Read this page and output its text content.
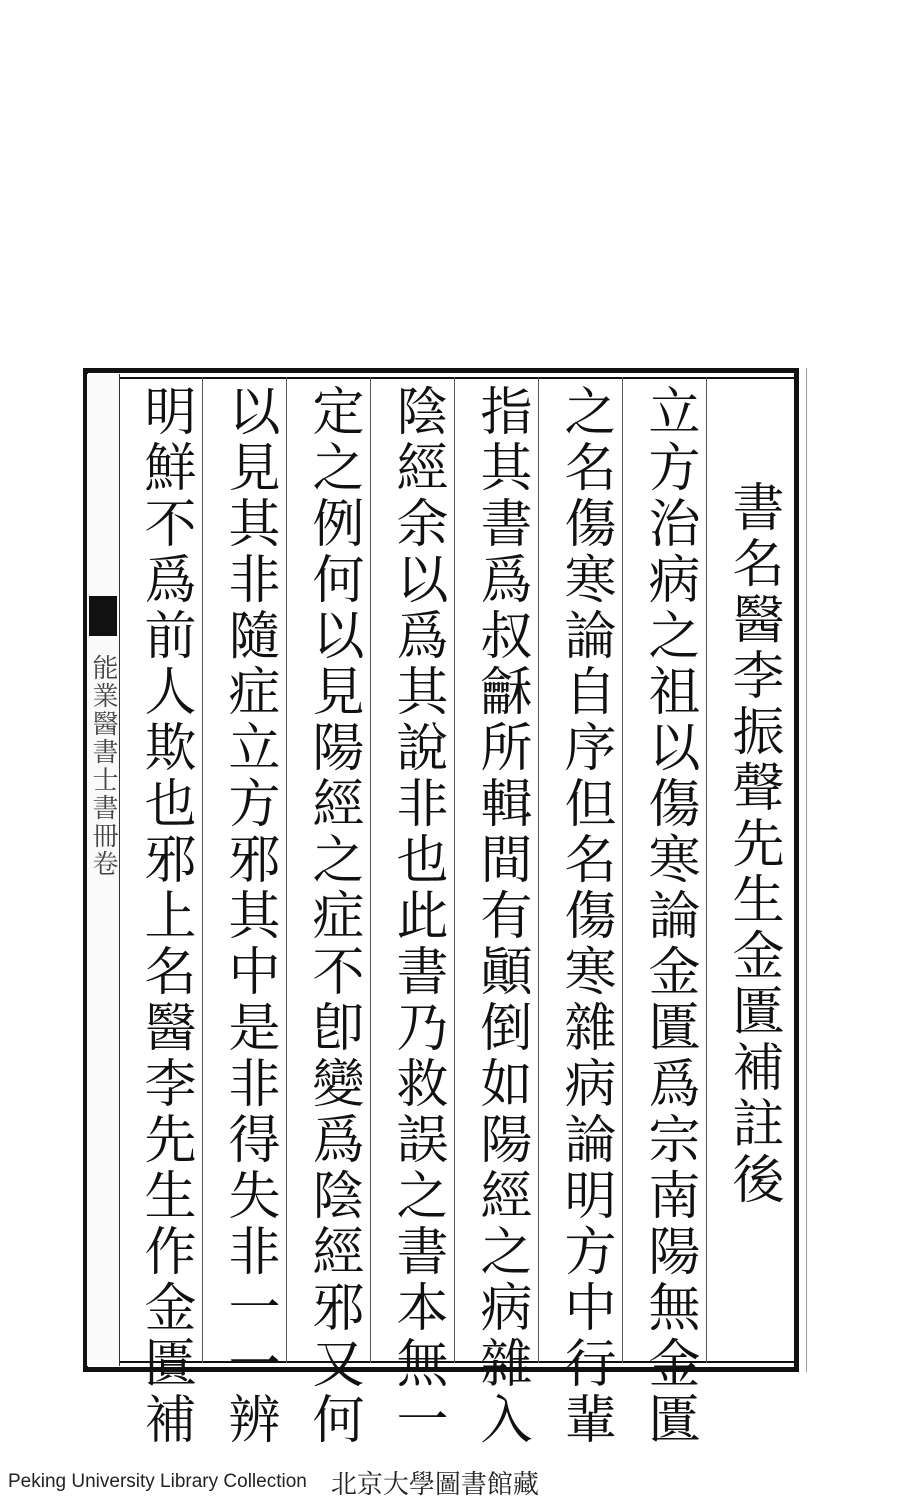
能業醫書士書冊卷	書名醫李振聲先生金匱補註後
立方治病之祖以傷寒論金匱爲宗南陽無金匱
之名傷寒論自序但名傷寒雜病論明方中行輩
指其書爲叔龢所輯間有顚倒如陽經之病雜入
陰經余以爲其說非也此書乃救誤之書本無一
定之例何以見陽經之症不卽變爲陰經邪又何
以見其非隨症立方邪其中是非得失非一一辨
明鮮不爲前人欺也邪上名醫李先生作金匱補
Peking University Library Collection 北京大學圖書館藏
